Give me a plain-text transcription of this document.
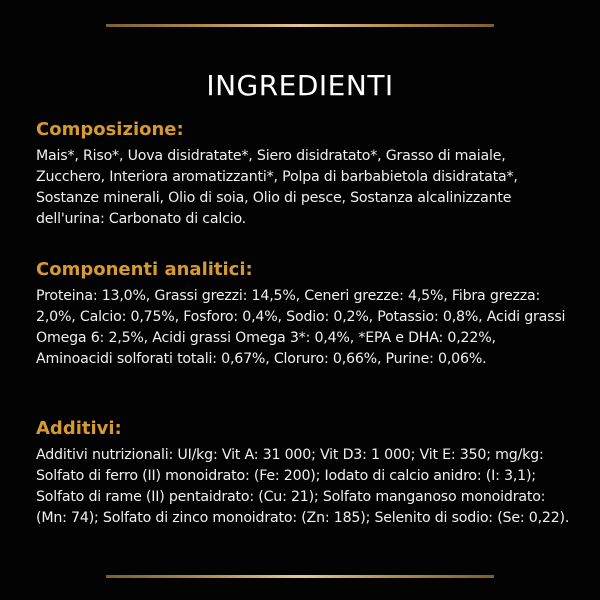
INGREDIENTI
Composizione:

Mais*, Riso*, Uova disidratate*, Siero disidratato*, Grasso di maiale, Zucchero, Interiora aromatizzanti*, Polpa di barbabietola disidratata*, Sostanze minerali, Olio di soia, Olio di pesce, Sostanza alcalinizzante dell'urina: Carbonato di calcio.

Componenti analitici:

Proteina: 13,0%, Grassi grezzi: 14,5%, Ceneri grezze: 4,5%, Fibra grezza: 2,0%, Calcio: 0,75%, Fosforo: 0,4%, Sodio: 0,2%, Potassio: 0,8%, Acidi grassi Omega 6: 2,5%, Acidi grassi Omega 3*: 0,4%, *EPA e DHA: 0,22%, Aminoacidi solforati totali: 0,67%, Cloruro: 0,66%, Purine: 0,06%.

Additivi:

Additivi nutrizionali: UI/kg: Vit A: 31 000; Vit D3: 1 000; Vit E: 350; mg/kg: Solfato di ferro (II) monoidrato: (Fe: 200); Iodato di calcio anidro: (I: 3,1); Solfato di rame (II) pentaidrato: (Cu: 21); Solfato manganoso monoidrato: (Mn: 74); Solfato di zinco monoidrato: (Zn: 185); Selenito di sodio: (Se: 0,22).
